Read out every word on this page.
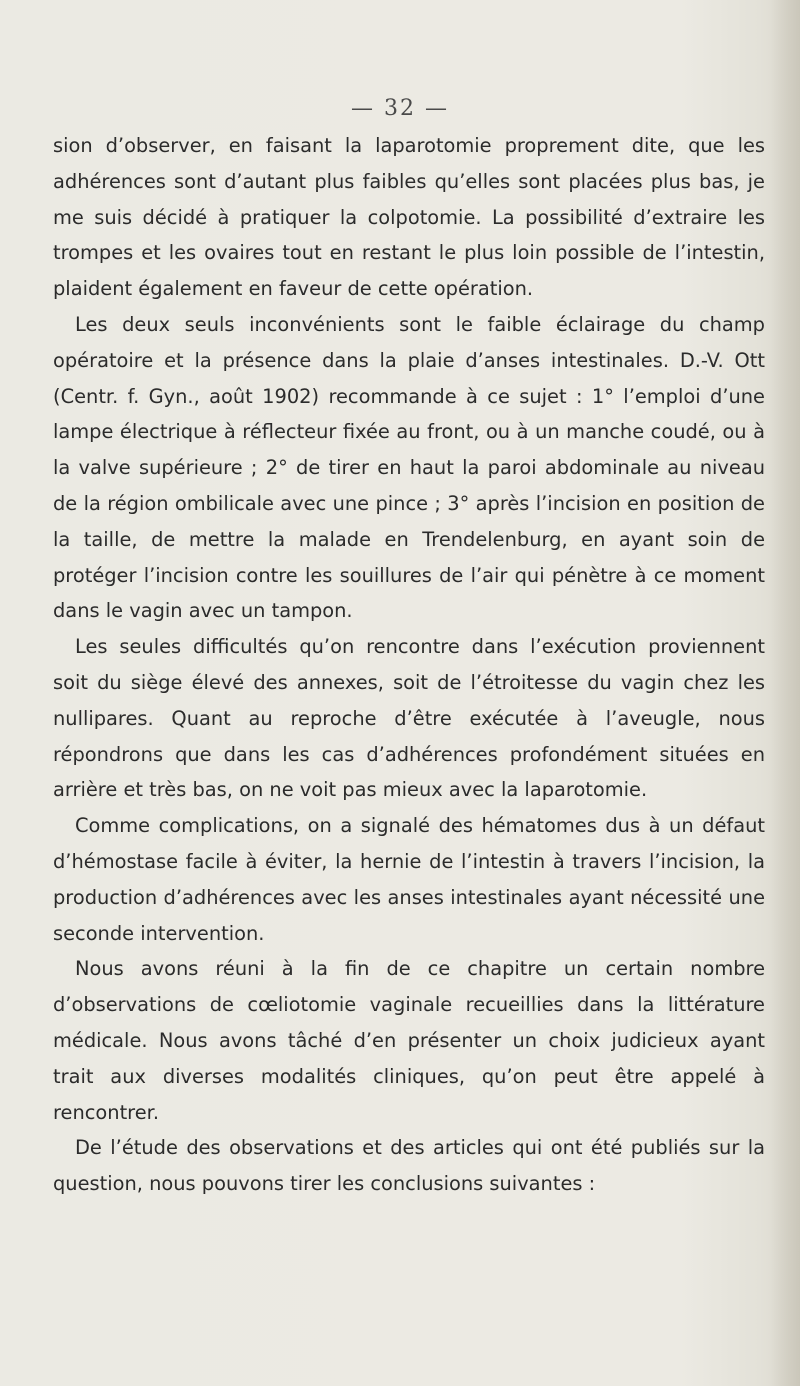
— 32 —

sion d’observer, en faisant la laparotomie proprement dite, que les adhérences sont d’autant plus faibles qu’elles sont placées plus bas, je me suis décidé à pratiquer la colpotomie. La possibilité d’extraire les trompes et les ovaires tout en restant le plus loin possible de l’intestin, plaident également en faveur de cette opération.

Les deux seuls inconvénients sont le faible éclairage du champ opératoire et la présence dans la plaie d’anses intestinales. D.-V. Ott (Centr. f. Gyn., août 1902) recommande à ce sujet : 1° l’emploi d’une lampe électrique à réflecteur fixée au front, ou à un manche coudé, ou à la valve supérieure ; 2° de tirer en haut la paroi abdominale au niveau de la région ombilicale avec une pince ; 3° après l’incision en position de la taille, de mettre la malade en Trendelenburg, en ayant soin de protéger l’incision contre les souillures de l’air qui pénètre à ce moment dans le vagin avec un tampon.

Les seules difficultés qu’on rencontre dans l’exécution proviennent soit du siège élevé des annexes, soit de l’étroitesse du vagin chez les nullipares. Quant au reproche d’être exécutée à l’aveugle, nous répondrons que dans les cas d’adhérences profondément situées en arrière et très bas, on ne voit pas mieux avec la laparotomie.

Comme complications, on a signalé des hématomes dus à un défaut d’hémostase facile à éviter, la hernie de l’intestin à travers l’incision, la production d’adhérences avec les anses intestinales ayant nécessité une seconde intervention.

Nous avons réuni à la fin de ce chapitre un certain nombre d’observations de cœliotomie vaginale recueillies dans la littérature médicale. Nous avons tâché d’en présenter un choix judicieux ayant trait aux diverses modalités cliniques, qu’on peut être appelé à rencontrer.

De l’étude des observations et des articles qui ont été publiés sur la question, nous pouvons tirer les conclusions suivantes :
